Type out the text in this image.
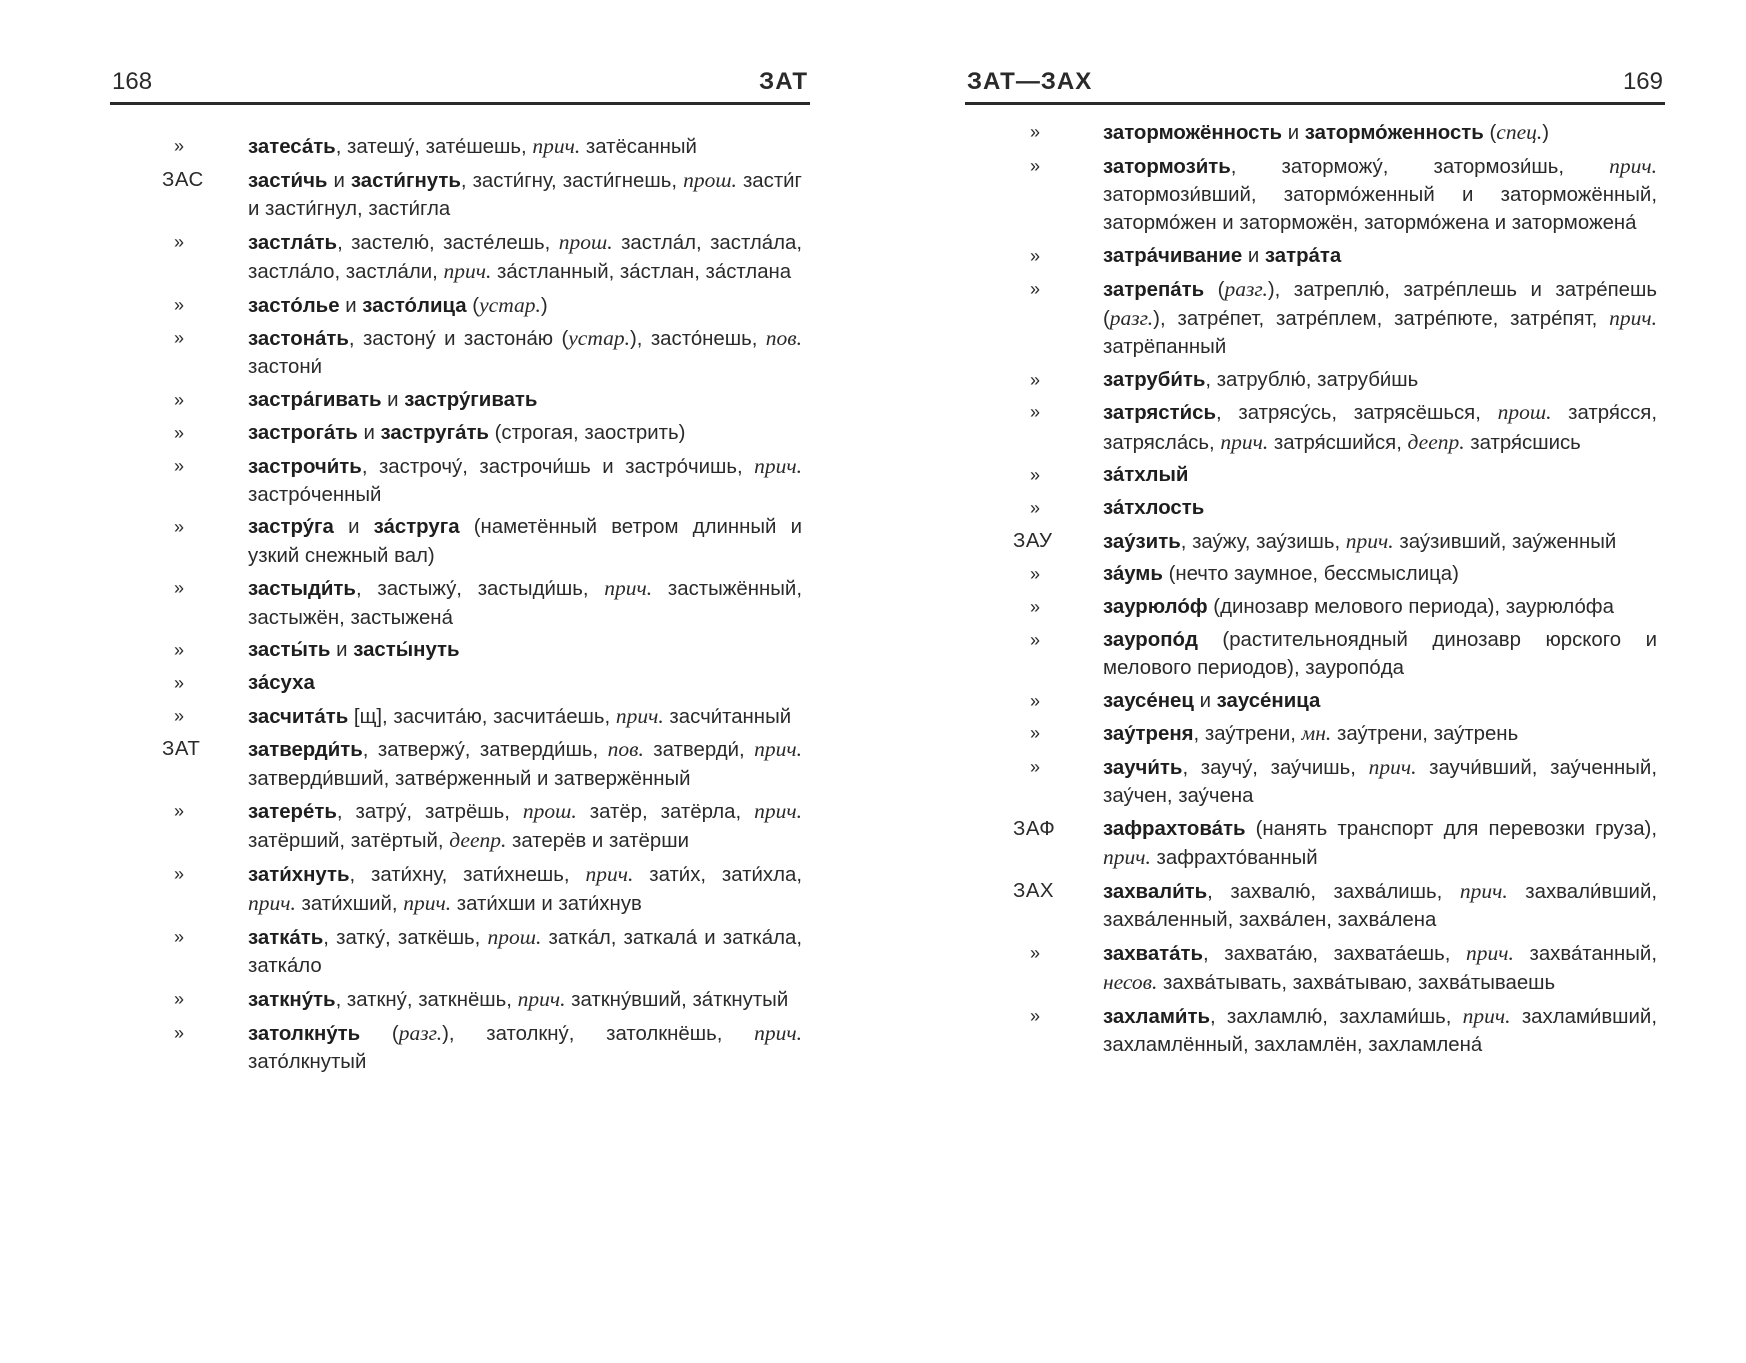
168	ЗАТ
»	затеса́ть, затешу́, зате́шешь, прич. затёсанный
ЗАС	засти́чь и засти́гнуть, засти́гну, засти́гнешь, прош. засти́г и засти́гнул, засти́гла
»	застла́ть, застелю́, засте́лешь, прош. застла́л, застла́ла, застла́ло, застла́ли, прич. за́стланный, за́стлан, за́стлана
»	засто́лье и засто́лица (устар.)
»	застона́ть, застону́ и застона́ю (устар.), засто́нешь, пов. застони́
»	застра́гивать и застру́гивать
»	застрога́ть и заструга́ть (строгая, заострить)
»	застрочи́ть, застрочу́, застрочи́шь и застро́чишь, прич. застро́ченный
»	застру́га и за́струга (наметённый ветром длинный и узкий снежный вал)
»	застыди́ть, застыжу́, застыди́шь, прич. застыжённый, застыжён, застыжена́
»	засты́ть и засты́нуть
»	за́суха
»	засчита́ть [щ], засчита́ю, засчита́ешь, прич. засчи́танный
ЗАТ	затверди́ть, затвержу́, затверди́шь, пов. затверди́, прич. затверди́вший, затве́рженный и затвержённый
»	затере́ть, затру́, затрёшь, прош. затёр, затёрла, прич. затёрший, затёртый, деепр. затерёв и затёрши
»	зати́хнуть, зати́хну, зати́хнешь, прич. зати́х, зати́хла, прич. зати́хший, прич. зати́хши и зати́хнув
»	затка́ть, затку́, заткёшь, прош. затка́л, заткала́ и затка́ла, затка́ло
»	заткну́ть, заткну́, заткнёшь, прич. заткну́вший, за́ткнутый
»	затолкну́ть (разг.), затолкну́, затолкнёшь, прич. зато́лкнутый
ЗАТ—ЗАХ	169
»	заторможённость и затормо́женность (спец.)
»	затормози́ть, заторможу́, затормози́шь, прич. затормози́вший, затормо́женный и заторможённый, затормо́жен и заторможён, затормо́жена и заторможена́
»	затра́чивание и затра́та
»	затрепа́ть (разг.), затреплю́, затре́плешь и затре́пешь (разг.), затре́пет, затре́плем, затре́пюте, затре́пят, прич. затрёпанный
»	затруби́ть, затрублю́, затруби́шь
»	затрясти́сь, затрясу́сь, затрясёшься, прош. затря́сся, затрясла́сь, прич. затря́сшийся, деепр. затря́сшись
»	за́тхлый
»	за́тхлость
ЗАУ	зау́зить, зау́жу, зау́зишь, прич. зау́зивший, зау́женный
»	за́умь (нечто заумное, бессмыслица)
»	заурюло́ф (динозавр мелового периода), заурюло́фа
»	зауропо́д (растительноядный динозавр юрского и мелового периодов), зауропо́да
»	заусе́нец и заусе́ница
»	зау́треня, зау́трени, мн. зау́трени, зау́трень
»	заучи́ть, заучу́, зау́чишь, прич. заучи́вший, зау́ченный, зау́чен, зау́чена
ЗАФ	зафрахтова́ть (нанять транспорт для перевозки груза), прич. зафрахто́ванный
ЗАХ	захвали́ть, захвалю́, захва́лишь, прич. захвали́вший, захва́ленный, захва́лен, захва́лена
»	захвата́ть, захвата́ю, захвата́ешь, прич. захва́танный, несов. захва́тывать, захва́тываю, захва́тываешь
»	захлами́ть, захламлю́, захлами́шь, прич. захлами́вший, захламлённый, захламлён, захламлена́
